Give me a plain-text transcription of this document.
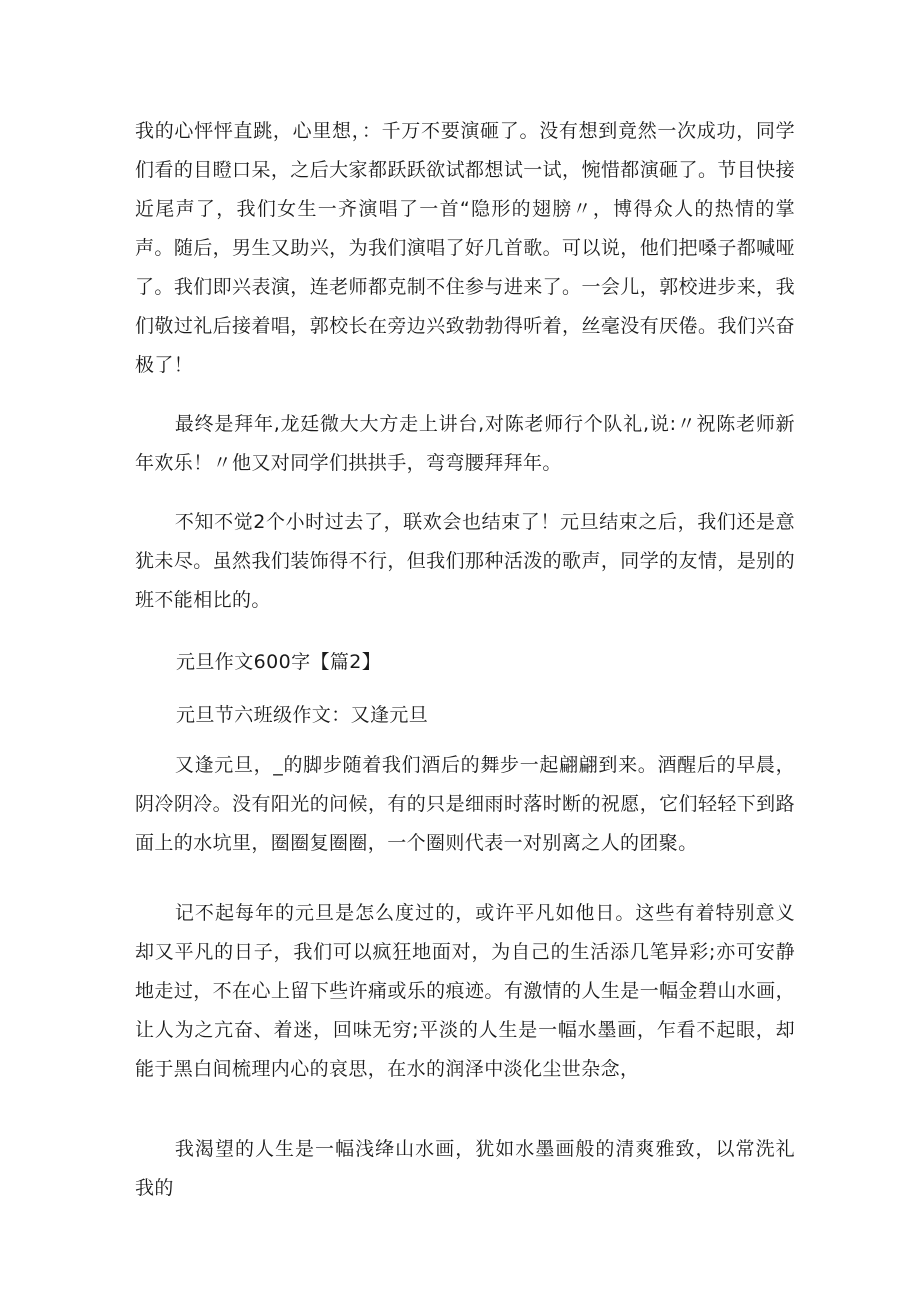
我的心怦怦直跳，心里想，：千万不要演砸了。没有想到竟然一次成功，同学们看的目瞪口呆，之后大家都跃跃欲试都想试一试，惋惜都演砸了。节目快接近尾声了，我们女生一齐演唱了一首“隐形的翅膀〃，博得众人的热情的掌声。随后，男生又助兴，为我们演唱了好几首歌。可以说，他们把嗓子都喊哑了。我们即兴表演，连老师都克制不住参与进来了。一会儿，郭校进步来，我们敬过礼后接着唱，郭校长在旁边兴致勃勃得听着，丝毫没有厌倦。我们兴奋极了！

最终是拜年,龙廷微大大方走上讲台,对陈老师行个队礼,说:〃祝陈老师新年欢乐！〃他又对同学们拱拱手，弯弯腰拜拜年。

不知不觉2个小时过去了，联欢会也结束了！元旦结束之后，我们还是意犹未尽。虽然我们装饰得不行，但我们那种活泼的歌声，同学的友情，是别的班不能相比的。

元旦作文600字【篇2】

元旦节六班级作文：又逢元旦

又逢元旦，_的脚步随着我们酒后的舞步一起翩翩到来。酒醒后的早晨，阴冷阴冷。没有阳光的问候，有的只是细雨时落时断的祝愿，它们轻轻下到路面上的水坑里，圈圈复圈圈，一个圈则代表一对别离之人的团聚。

记不起每年的元旦是怎么度过的，或许平凡如他日。这些有着特别意义却又平凡的日子，我们可以疯狂地面对，为自己的生活添几笔异彩;亦可安静地走过，不在心上留下些许痛或乐的痕迹。有激情的人生是一幅金碧山水画，让人为之亢奋、着迷，回味无穷;平淡的人生是一幅水墨画，乍看不起眼，却能于黑白间梳理内心的哀思，在水的润泽中淡化尘世杂念，

我渴望的人生是一幅浅绛山水画，犹如水墨画般的清爽雅致，以常洗礼我的
